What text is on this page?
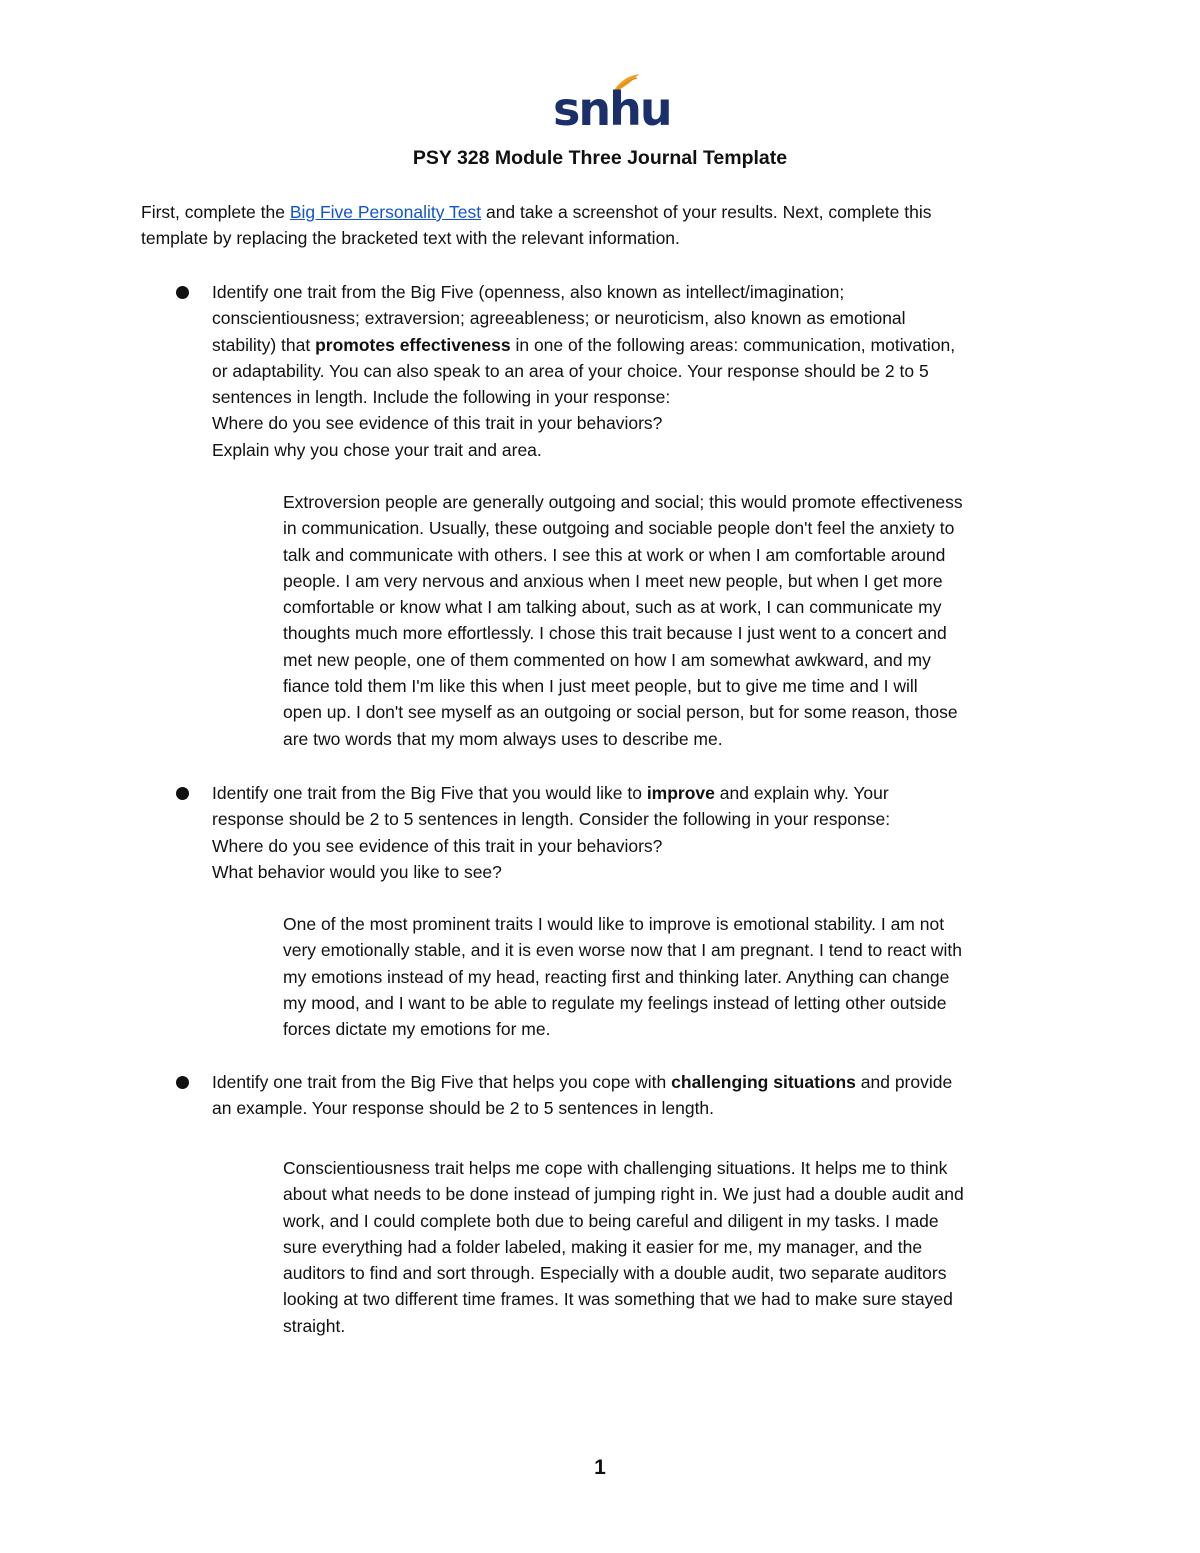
snhu
PSY 328 Module Three Journal Template
First, complete the Big Five Personality Test and take a screenshot of your results. Next, complete this
template by replacing the bracketed text with the relevant information.
Identify one trait from the Big Five (openness, also known as intellect/imagination;
conscientiousness; extraversion; agreeableness; or neuroticism, also known as emotional
stability) that promotes effectiveness in one of the following areas: communication, motivation,
or adaptability. You can also speak to an area of your choice. Your response should be 2 to 5
sentences in length. Include the following in your response:
Where do you see evidence of this trait in your behaviors?
Explain why you chose your trait and area.
Extroversion people are generally outgoing and social; this would promote effectiveness
in communication. Usually, these outgoing and sociable people don't feel the anxiety to
talk and communicate with others. I see this at work or when I am comfortable around
people. I am very nervous and anxious when I meet new people, but when I get more
comfortable or know what I am talking about, such as at work, I can communicate my
thoughts much more effortlessly. I chose this trait because I just went to a concert and
met new people, one of them commented on how I am somewhat awkward, and my
fiance told them I'm like this when I just meet people, but to give me time and I will
open up. I don't see myself as an outgoing or social person, but for some reason, those
are two words that my mom always uses to describe me.
Identify one trait from the Big Five that you would like to improve and explain why. Your
response should be 2 to 5 sentences in length. Consider the following in your response:
Where do you see evidence of this trait in your behaviors?
What behavior would you like to see?
One of the most prominent traits I would like to improve is emotional stability. I am not
very emotionally stable, and it is even worse now that I am pregnant. I tend to react with
my emotions instead of my head, reacting first and thinking later. Anything can change
my mood, and I want to be able to regulate my feelings instead of letting other outside
forces dictate my emotions for me.
Identify one trait from the Big Five that helps you cope with challenging situations and provide
an example. Your response should be 2 to 5 sentences in length.
Conscientiousness trait helps me cope with challenging situations. It helps me to think
about what needs to be done instead of jumping right in. We just had a double audit and
work, and I could complete both due to being careful and diligent in my tasks. I made
sure everything had a folder labeled, making it easier for me, my manager, and the
auditors to find and sort through. Especially with a double audit, two separate auditors
looking at two different time frames. It was something that we had to make sure stayed
straight.
1
